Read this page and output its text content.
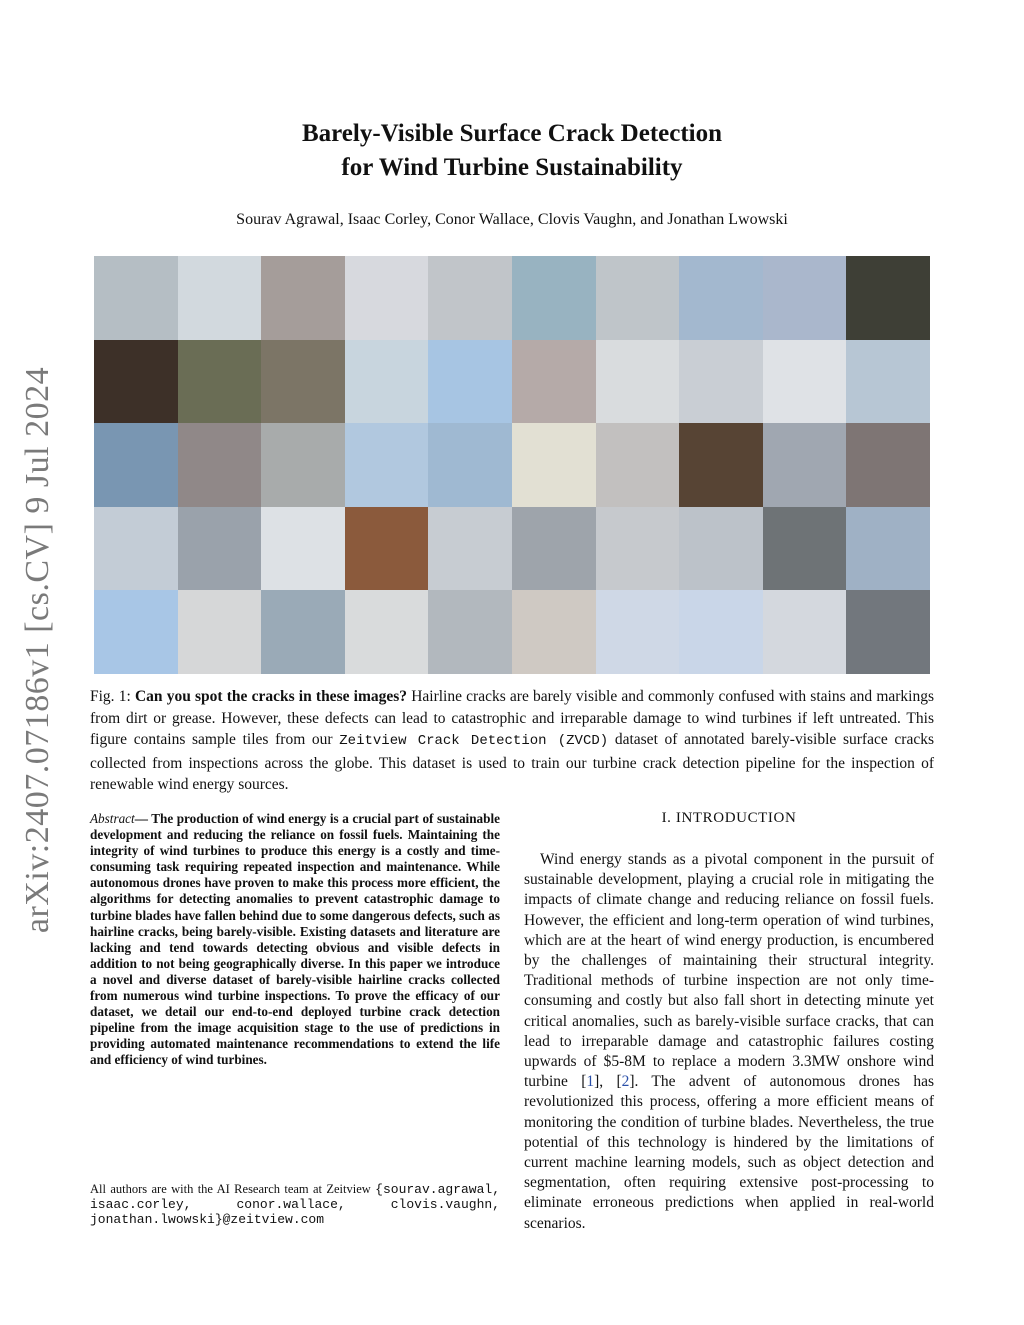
arXiv:2407.07186v1 [cs.CV] 9 Jul 2024
Barely-Visible Surface Crack Detection
for Wind Turbine Sustainability
Sourav Agrawal, Isaac Corley, Conor Wallace, Clovis Vaughn, and Jonathan Lwowski
Fig. 1: Can you spot the cracks in these images? Hairline cracks are barely visible and commonly confused with stains and markings from dirt or grease. However, these defects can lead to catastrophic and irreparable damage to wind turbines if left untreated. This figure contains sample tiles from our Zeitview Crack Detection (ZVCD) dataset of annotated barely-visible surface cracks collected from inspections across the globe. This dataset is used to train our turbine crack detection pipeline for the inspection of renewable wind energy sources.
Abstract— The production of wind energy is a crucial part of sustainable development and reducing the reliance on fossil fuels. Maintaining the integrity of wind turbines to produce this energy is a costly and time-consuming task requiring repeated inspection and maintenance. While autonomous drones have proven to make this process more efficient, the algorithms for detecting anomalies to prevent catastrophic damage to turbine blades have fallen behind due to some dangerous defects, such as hairline cracks, being barely-visible. Existing datasets and literature are lacking and tend towards detecting obvious and visible defects in addition to not being geographically diverse. In this paper we introduce a novel and diverse dataset of barely-visible hairline cracks collected from numerous wind turbine inspections. To prove the efficacy of our dataset, we detail our end-to-end deployed turbine crack detection pipeline from the image acquisition stage to the use of predictions in providing automated maintenance recommendations to extend the life and efficiency of wind turbines.
All authors are with the AI Research team at Zeitview {sourav.agrawal, isaac.corley, conor.wallace, clovis.vaughn, jonathan.lwowski}@zeitview.com
I. INTRODUCTION
Wind energy stands as a pivotal component in the pursuit of sustainable development, playing a crucial role in mitigating the impacts of climate change and reducing reliance on fossil fuels. However, the efficient and long-term operation of wind turbines, which are at the heart of wind energy production, is encumbered by the challenges of maintaining their structural integrity. Traditional methods of turbine inspection are not only time-consuming and costly but also fall short in detecting minute yet critical anomalies, such as barely-visible surface cracks, that can lead to irreparable damage and catastrophic failures costing upwards of $5-8M to replace a modern 3.3MW onshore wind turbine [1], [2]. The advent of autonomous drones has revolutionized this process, offering a more efficient means of monitoring the condition of turbine blades. Nevertheless, the true potential of this technology is hindered by the limitations of current machine learning models, such as object detection and segmentation, often requiring extensive post-processing to eliminate erroneous predictions when applied in real-world scenarios.
